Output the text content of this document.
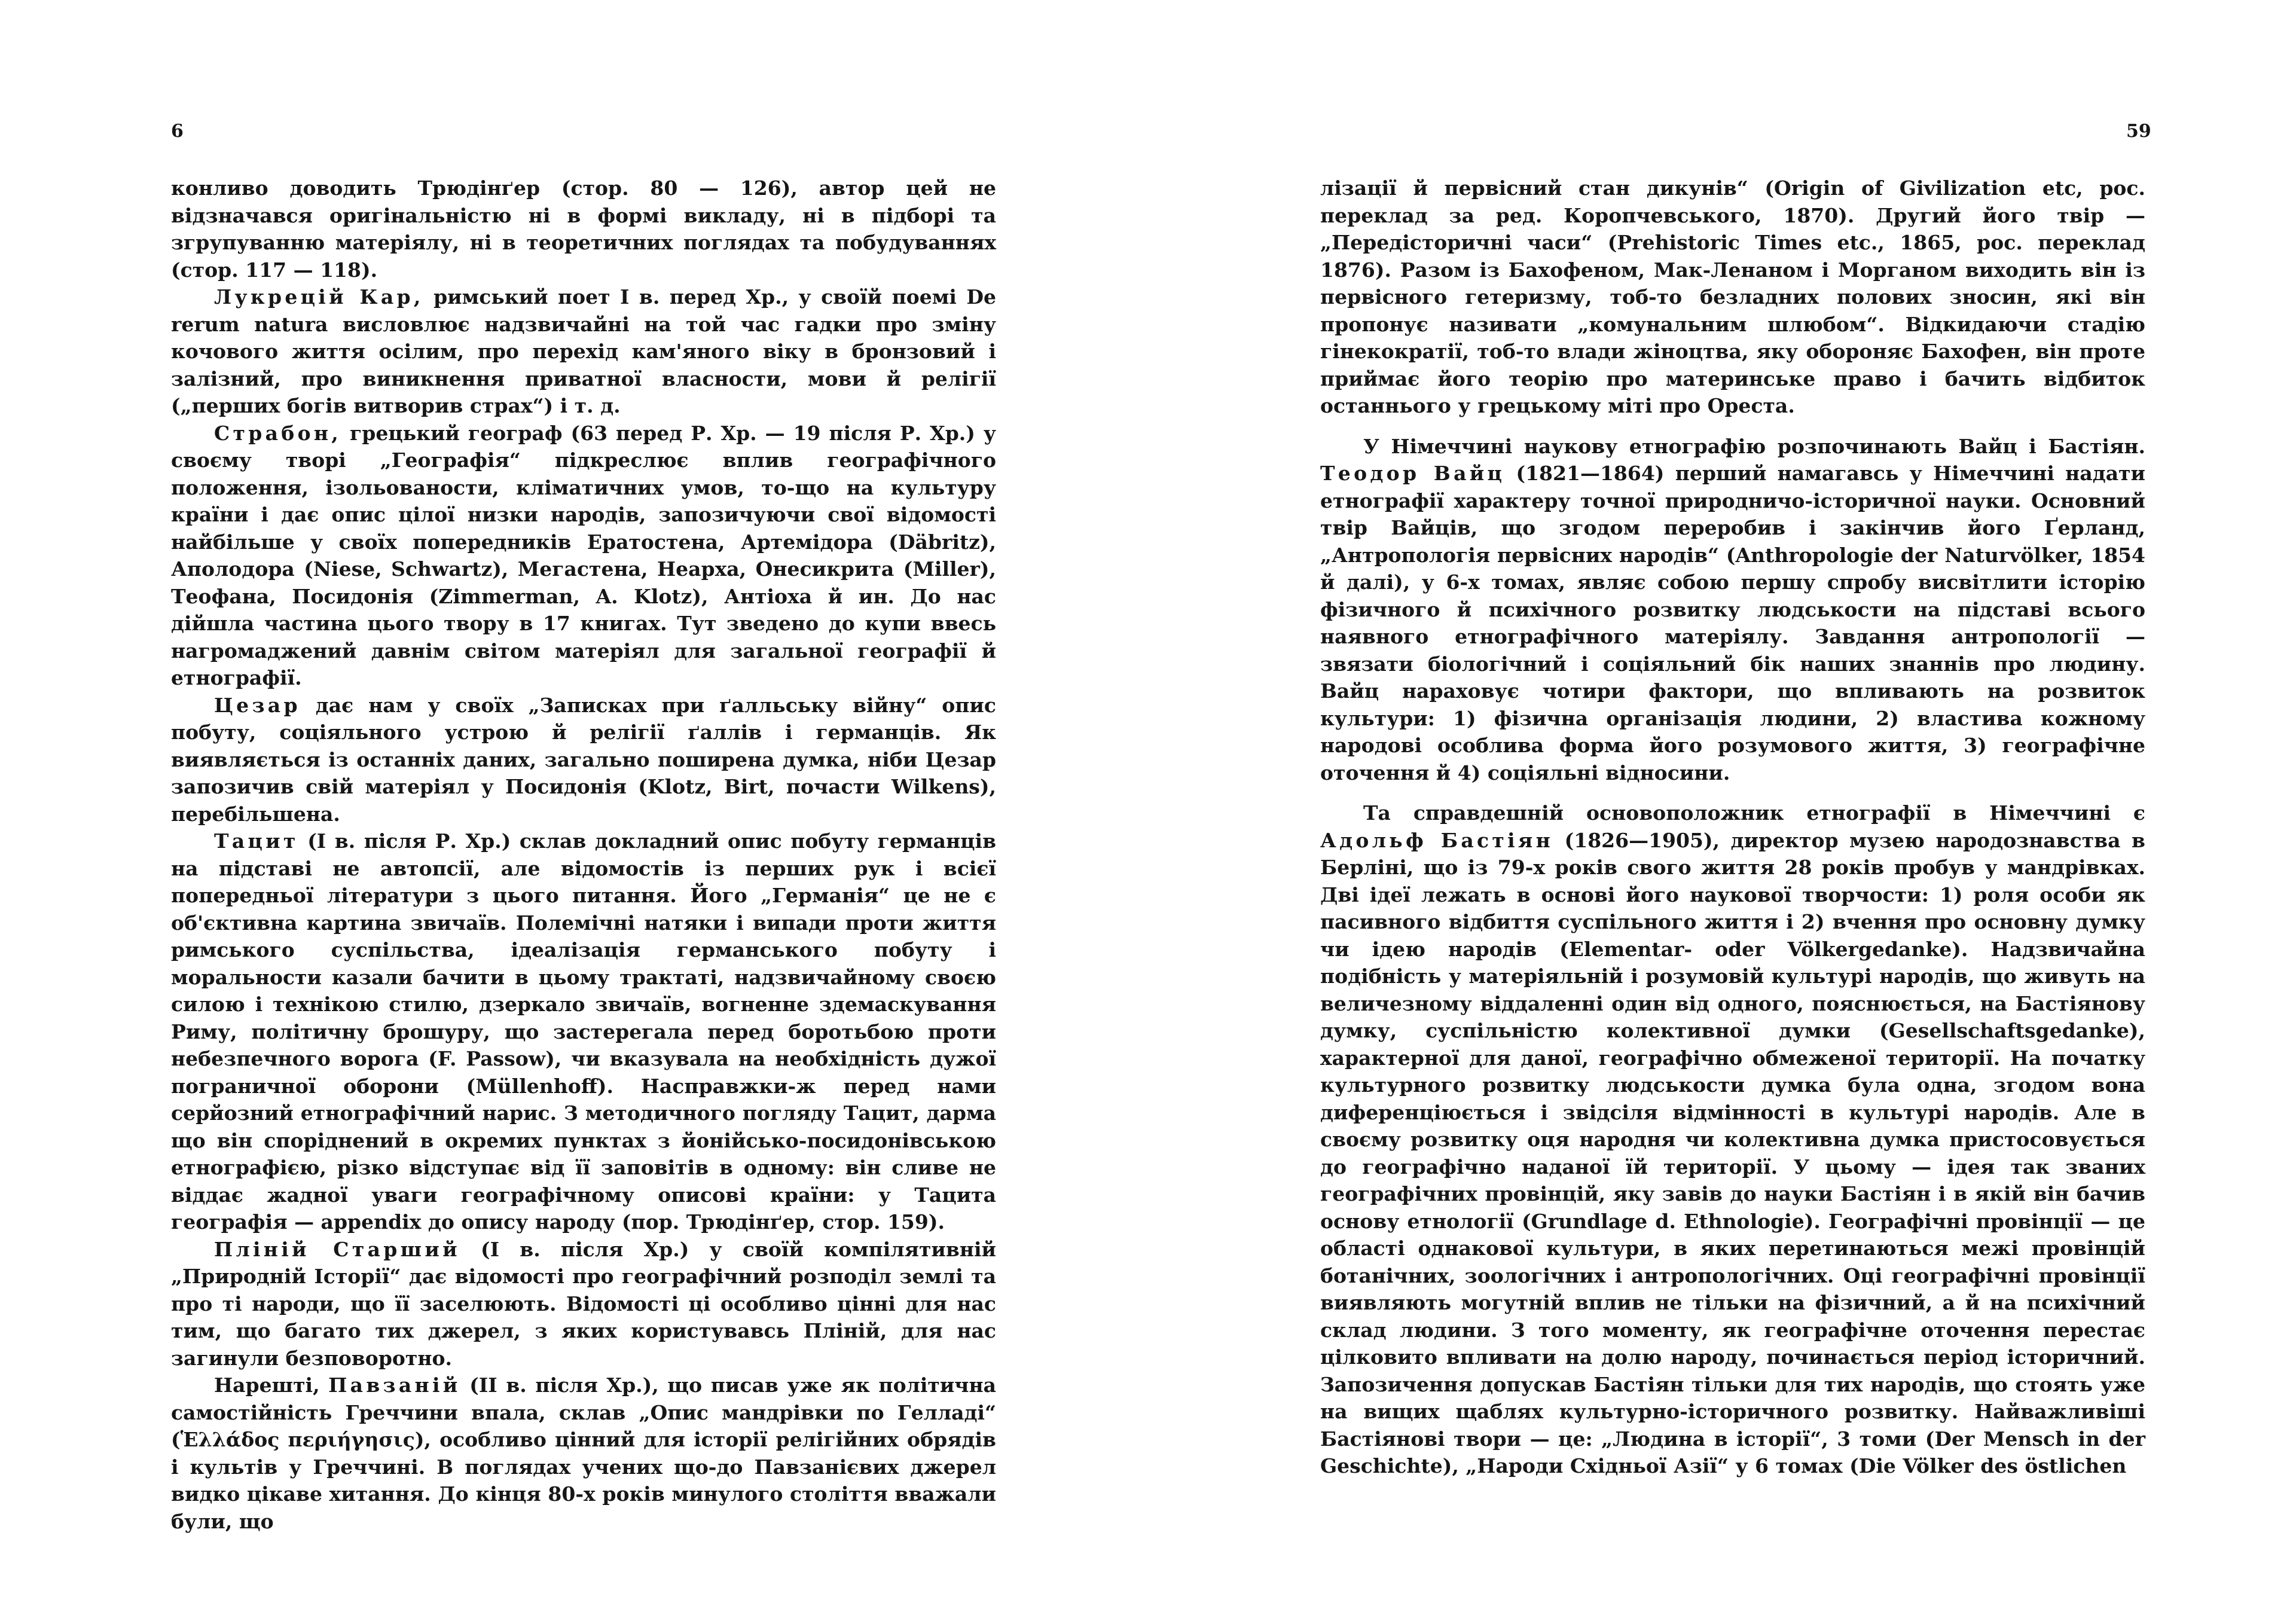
6

конливо доводить Трюдінґер (стор. 80 — 126), автор цей не відзначався оригінальністю ні в формі викладу, ні в підборі та згрупуванню матеріялу, ні в теоретичних поглядах та побудуваннях (стор. 117 — 118).

Лукрецій Кар, римський поет І в. перед Хр., у своїй поемі De rerum natura висловлює надзвичайні на той час гадки про зміну кочового життя осілим, про перехід кам'яного віку в бронзовий і залізний, про виникнення приватної власности, мови й релігії („перших богів витворив страх“) і т. д.

Страбон, грецький географ (63 перед Р. Хр. — 19 після Р. Хр.) у своєму творі „Географія“ підкреслює вплив географічного положення, ізольованости, кліматичних умов, то-що на культуру країни і дає опис цілої низки народів, запозичуючи свої відомості найбільше у своїх попередників Ератостена, Артемідора (Däbritz), Аполодора (Niese, Schwartz), Мегастена, Неарха, Онесикрита (Miller), Теофана, Посидонія (Zimmerman, A. Klotz), Антіоха й ин. До нас дійшла частина цього твору в 17 книгах. Тут зведено до купи ввесь нагромаджений давнім світом матеріял для загальної географії й етнографії.

Цезар дає нам у своїх „Записках при ґалльську війну“ опис побуту, соціяльного устрою й релігії ґаллів і германців. Як виявляється із останніх даних, загально поширена думка, ніби Цезар запозичив свій матеріял у Посидонія (Klotz, Birt, почасти Wilkens), перебільшена.

Тацит (I в. після Р. Хр.) склав докладний опис побуту германців на підставі не автопсії, але відомостів із перших рук і всієї попередньої літератури з цього питання. Його „Германія“ це не є об'єктивна картина звичаїв. Полемічні натяки і випади проти життя римського суспільства, ідеалізація германського побуту і моральности казали бачити в цьому трактаті, надзвичайному своєю силою і технікою стилю, дзеркало звичаїв, вогненне здемаскування Риму, політичну брошуру, що застерегала перед боротьбою проти небезпечного ворога (F. Passow), чи вказувала на необхідність дужої пограничної оборони (Müllenhoff). Насправжки-ж перед нами серйозний етнографічний нарис. З методичного погляду Тацит, дарма що він споріднений в окремих пунктах з йонійсько-посидонівською етнографією, різко відступає від її заповітів в одному: він сливе не віддає жадної уваги географічному описові країни: у Тацита географія — appendix до опису народу (пор. Трюдінґер, стор. 159).

Пліній Старший (I в. після Хр.) у своїй компілятивній „Природній Історії“ дає відомості про географічний розподіл землі та про ті народи, що її заселюють. Відомості ці особливо цінні для нас тим, що багато тих джерел, з яких користувавсь Пліній, для нас загинули безповоротно.

Нарешті, Павзаній (II в. після Хр.), що писав уже як політична самостійність Греччини впала, склав „Опис мандрівки по Гелладі“ (Ἑλλάδος περιήγησις), особливо цінний для історії релігійних обрядів і культів у Греччині. В поглядах учених що-до Павзанієвих джерел видко цікаве хитання. До кінця 80-х років минулого століття вважали були, що

59

лізації й первісний стан дикунів“ (Origin of Givilization etc, рос. переклад за ред. Коропчевського, 1870). Другий його твір — „Передісторичні часи“ (Prehistoric Times etc., 1865, рос. переклад 1876). Разом із Бахофеном, Мак-Ленаном і Морганом виходить він із первісного гетеризму, тоб-то безладних полових зносин, які він пропонує називати „комунальним шлюбом“. Відкидаючи стадію гінекократії, тоб-то влади жіноцтва, яку обороняє Бахофен, він проте приймає його теорію про материнське право і бачить відбиток останнього у грецькому міті про Ореста.

У Німеччині наукову етнографію розпочинають Вайц і Бастіян. Теодор Вайц (1821—1864) перший намагавсь у Німеччині надати етнографії характеру точної природничо-історичної науки. Основний твір Вайців, що згодом переробив і закінчив його Ґерланд, „Антропологія первісних народів“ (Anthropologie der Naturvölker, 1854 й далі), у 6-х томах, являє собою першу спробу висвітлити історію фізичного й психічного розвитку людськости на підставі всього наявного етнографічного матеріялу. Завдання антропології — звязати біологічний і соціяльний бік наших знаннів про людину. Вайц нараховує чотири фактори, що впливають на розвиток культури: 1) фізична організація людини, 2) властива кожному народові особлива форма його розумового життя, 3) географічне оточення й 4) соціяльні відносини.

Та справдешній основоположник етнографії в Німеччині є Адольф Бастіян (1826—1905), директор музею народознавства в Берліні, що із 79-х років свого життя 28 років пробув у мандрівках. Дві ідеї лежать в основі його наукової творчости: 1) роля особи як пасивного відбиття суспільного життя і 2) вчення про основну думку чи ідею народів (Elementar- oder Völkergedanke). Надзвичайна подібність у матеріяльній і розумовій культурі народів, що живуть на величезному віддаленні один від одного, пояснюється, на Бастіянову думку, суспільністю колективної думки (Gesellschaftsgedanke), характерної для даної, географічно обмеженої території. На початку культурного розвитку людськости думка була одна, згодом вона диференціюється і звідсіля відмінності в культурі народів. Але в своєму розвитку оця народня чи колективна думка пристосовується до географічно наданої їй території. У цьому — ідея так званих географічних провінцій, яку завів до науки Бастіян і в якій він бачив основу етнології (Grundlage d. Ethnologie). Географічні провінції — це області однакової культури, в яких перетинаються межі провінцій ботанічних, зоологічних і антропологічних. Оці географічні провінції виявляють могутній вплив не тільки на фізичний, а й на психічний склад людини. З того моменту, як географічне оточення перестає цілковито впливати на долю народу, починається період історичний. Запозичення допускав Бастіян тільки для тих народів, що стоять уже на вищих щаблях культурно-історичного розвитку. Найважливіші Бастіянові твори — це: „Людина в історії“, 3 томи (Der Mensch in der Geschichte), „Народи Східньої Азії“ у 6 томах (Die Völker des östlichen
